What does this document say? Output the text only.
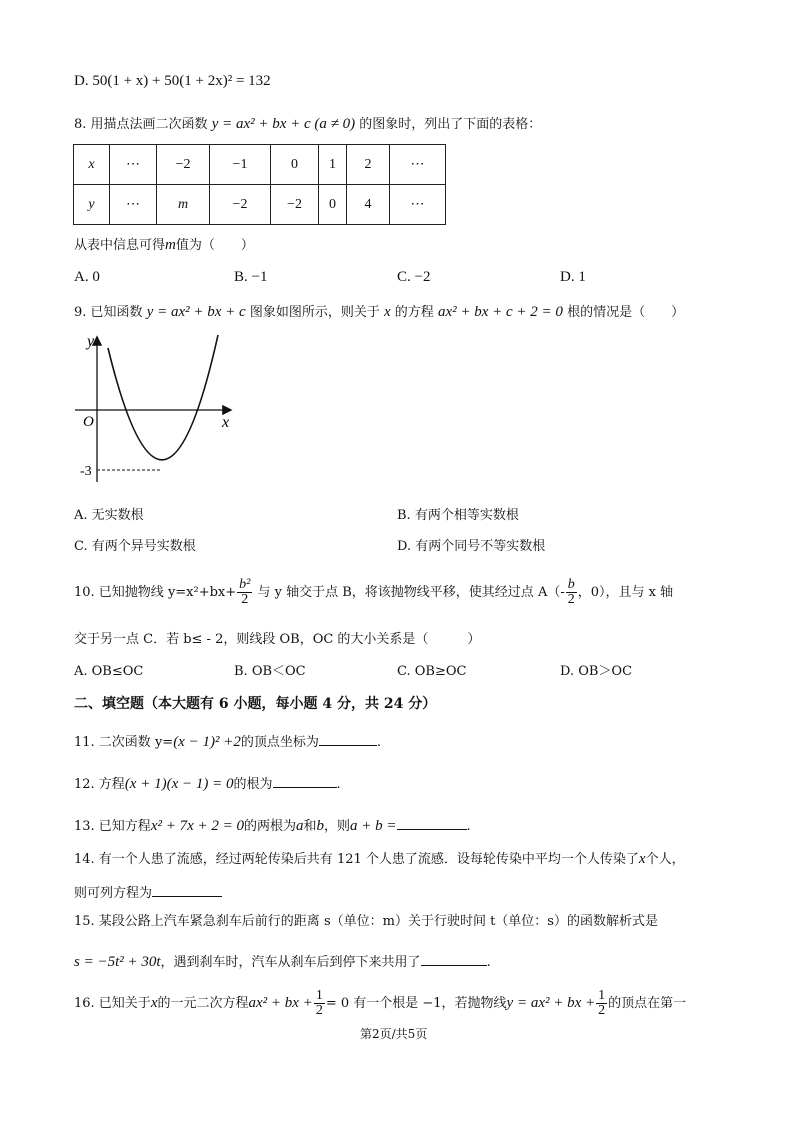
D. 50(1 + x) + 50(1 + 2x)² = 132
8. 用描点法画二次函数 y = ax² + bx + c (a ≠ 0) 的图象时，列出了下面的表格：
x	⋯	−2	−1	0	1	2	⋯
y	⋯	m	−2	−2	0	4	⋯
从表中信息可得m值为（　　）
A. 0	B. −1	C. −2	D. 1
9. 已知函数 y = ax² + bx + c 图象如图所示，则关于 x 的方程 ax² + bx + c + 2 = 0 根的情况是（　　）
y
x
O
-3
A. 无实数根	B. 有两个相等实数根
C. 有两个异号实数根	D. 有两个同号不等实数根
10. 已知抛物线 $y=x^2+bx+ \frac{\text{b²}}{2}$ 与 y 轴交于点 B，将该抛物线平移，使其经过点 $A(- \frac{b}{2}$ ，0），且与 x 轴
交于另一点 C．若 b≤ - 2，则线段 OB，OC 的大小关系是（　　　）
A. OB≤OC	B. OB＜OC	C. OB≥OC	D. OB＞OC
二、填空题（本大题有 6 小题，每小题 4 分，共 24 分）
11. 二次函数 y=(x − 1)² +2的顶点坐标为	.
12. 方程(x + 1)(x − 1) = 0的根为	.
13. 已知方程x² + 7x + 2 = 0的两根为a和b，则a + b =	.
14. 有一个人患了流感，经过两轮传染后共有 121 个人患了流感．设每轮传染中平均一个人传染了x个人，
则可列方程为
15. 某段公路上汽车紧急刹车后前行的距离 s（单位：m）关于行驶时间 t（单位：s）的函数解析式是
s = −5t² + 30t，遇到刹车时，汽车从刹车后到停下来共用了	.
16. 已知关于x的一元二次方程ax² + bx + $\frac{1}{2} = 0$ 有一个根是 −1，若抛物线y = ax² + bx + $\frac{1}{2}$ 的顶点在第一
第2页/共5页
